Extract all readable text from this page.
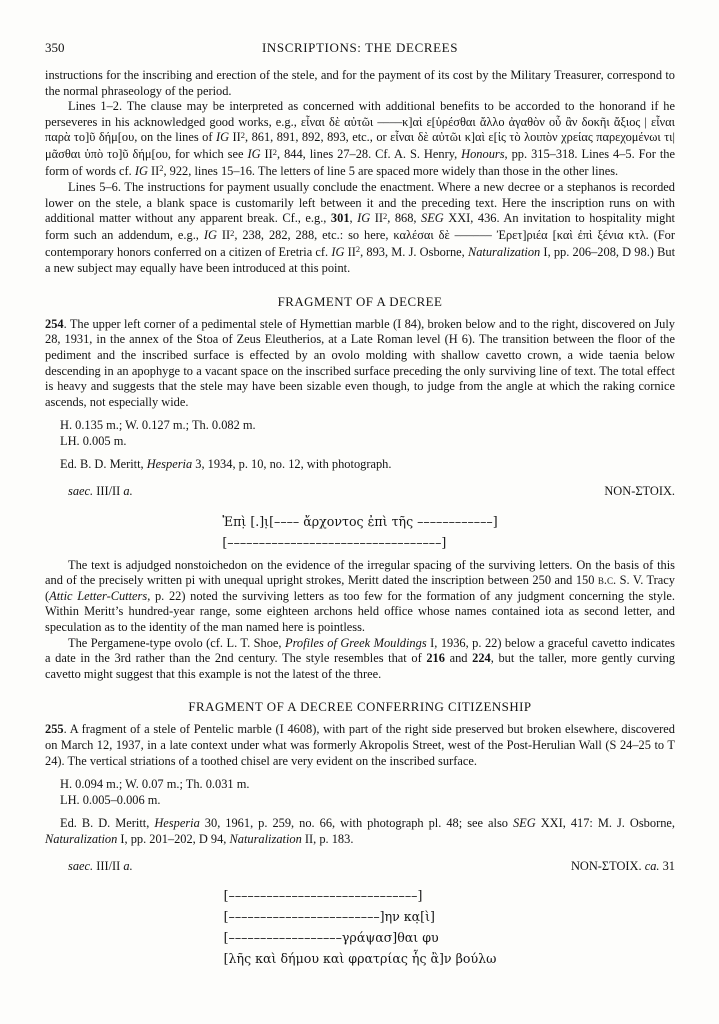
350	INSCRIPTIONS: THE DECREES

instructions for the inscribing and erection of the stele, and for the payment of its cost by the Military Treasurer, correspond to the normal phraseology of the period.

Lines 1–2. The clause may be interpreted as concerned with additional benefits to be accorded to the honorand if he perseveres in his acknowledged good works, e.g., εἶναι δὲ αὐτῶι ––––κ]αὶ ε[ὑρέσθαι ἄλλο ἀγαθὸν οὗ ἂν δοκῆι ἄξιος | εἶναι παρὰ το]ῦ δήμ[ου, on the lines of IG $II^2$, 861, 891, 892, 893, etc., or εἶναι δὲ αὐτῶι κ]αὶ ε[ἰς τὸ λοιπὸν χρείας παρεχομένωι τι|μᾶσθαι ὑπὸ το]ῦ δήμ[ου, for which see IG $II^2$, 844, lines 27–28. Cf. A. S. Henry, Honours, pp. 315–318. Lines 4–5. For the form of words cf. IG $II^2$, 922, lines 15–16. The letters of line 5 are spaced more widely than those in the other lines.

Lines 5–6. The instructions for payment usually conclude the enactment. Where a new decree or a stephanos is recorded lower on the stele, a blank space is customarily left between it and the preceding text. Here the inscription runs on with additional matter without any apparent break. Cf., e.g., 301, IG $II^2$, 868, SEG XXI, 436. An invitation to hospitality might form such an addendum, e.g., IG $II^2$, 238, 282, 288, etc.: so here, καλέσαι δὲ –––––– Ἐρετ]ριέα [καὶ ἐπὶ ξένια κτλ. (For contemporary honors conferred on a citizen of Eretria cf. IG $II^2$, 893, M. J. Osborne, Naturalization I, pp. 206–208, D 98.) But a new subject may equally have been introduced at this point.

FRAGMENT OF A DECREE

254. The upper left corner of a pedimental stele of Hymettian marble (I 84), broken below and to the right, discovered on July 28, 1931, in the annex of the Stoa of Zeus Eleutherios, at a Late Roman level (H 6). The transition between the floor of the pediment and the inscribed surface is effected by an ovolo molding with shallow cavetto crown, a wide taenia below descending in an apophyge to a vacant space on the inscribed surface preceding the only surviving line of text. The total effect is heavy and suggests that the stele may have been sizable even though, to judge from the angle at which the raking cornice ascends, not especially wide.

H. 0.135 m.; W. 0.127 m.; Th. 0.082 m.

LH. 0.005 m.

Ed. B. D. Meritt, Hesperia 3, 1934, p. 10, no. 12, with photograph.

saec. III/II a.	NON-ΣΤΟΙΧ.
Ἐπὶ̣ [.]ι̣[–––– ἄρχοντος ἐπὶ τῆς ––––––––––––]
[––––––––––––––––––––––––––––––––––]

The text is adjudged nonstoichedon on the evidence of the irregular spacing of the surviving letters. On the basis of this and of the precisely written pi with unequal upright strokes, Meritt dated the inscription between 250 and 150 b.c. S. V. Tracy (Attic Letter-Cutters, p. 22) noted the surviving letters as too few for the formation of any judgment concerning the style. Within Meritt’s hundred-year range, some eighteen archons held office whose names contained iota as second letter, and speculation as to the identity of the man named here is pointless.

The Pergamene-type ovolo (cf. L. T. Shoe, Profiles of Greek Mouldings I, 1936, p. 22) below a graceful cavetto indicates a date in the 3rd rather than the 2nd century. The style resembles that of 216 and 224, but the taller, more gently curving cavetto might suggest that this example is not the latest of the three.

FRAGMENT OF A DECREE CONFERRING CITIZENSHIP

255. A fragment of a stele of Pentelic marble (I 4608), with part of the right side preserved but broken elsewhere, discovered on March 12, 1937, in a late context under what was formerly Akropolis Street, west of the Post-Herulian Wall (S 24–25 to T 24). The vertical striations of a toothed chisel are very evident on the inscribed surface.

H. 0.094 m.; W. 0.07 m.; Th. 0.031 m.

LH. 0.005–0.006 m.

Ed. B. D. Meritt, Hesperia 30, 1961, p. 259, no. 66, with photograph pl. 48; see also SEG XXI, 417: M. J. Osborne, Naturalization I, pp. 201–202, D 94, Naturalization II, p. 183.

saec. III/II a.	NON-ΣΤΟΙΧ. ca. 31
[––––––––––––––––––––––––––––––]
[––––––––––––––––––––––––]ην κα̣[ὶ]
[––––––––––––––––––γράψασ]θαι φυ
[λῆς καὶ δήμου καὶ φρατρίας ἧς ἂ]ν βούλω
